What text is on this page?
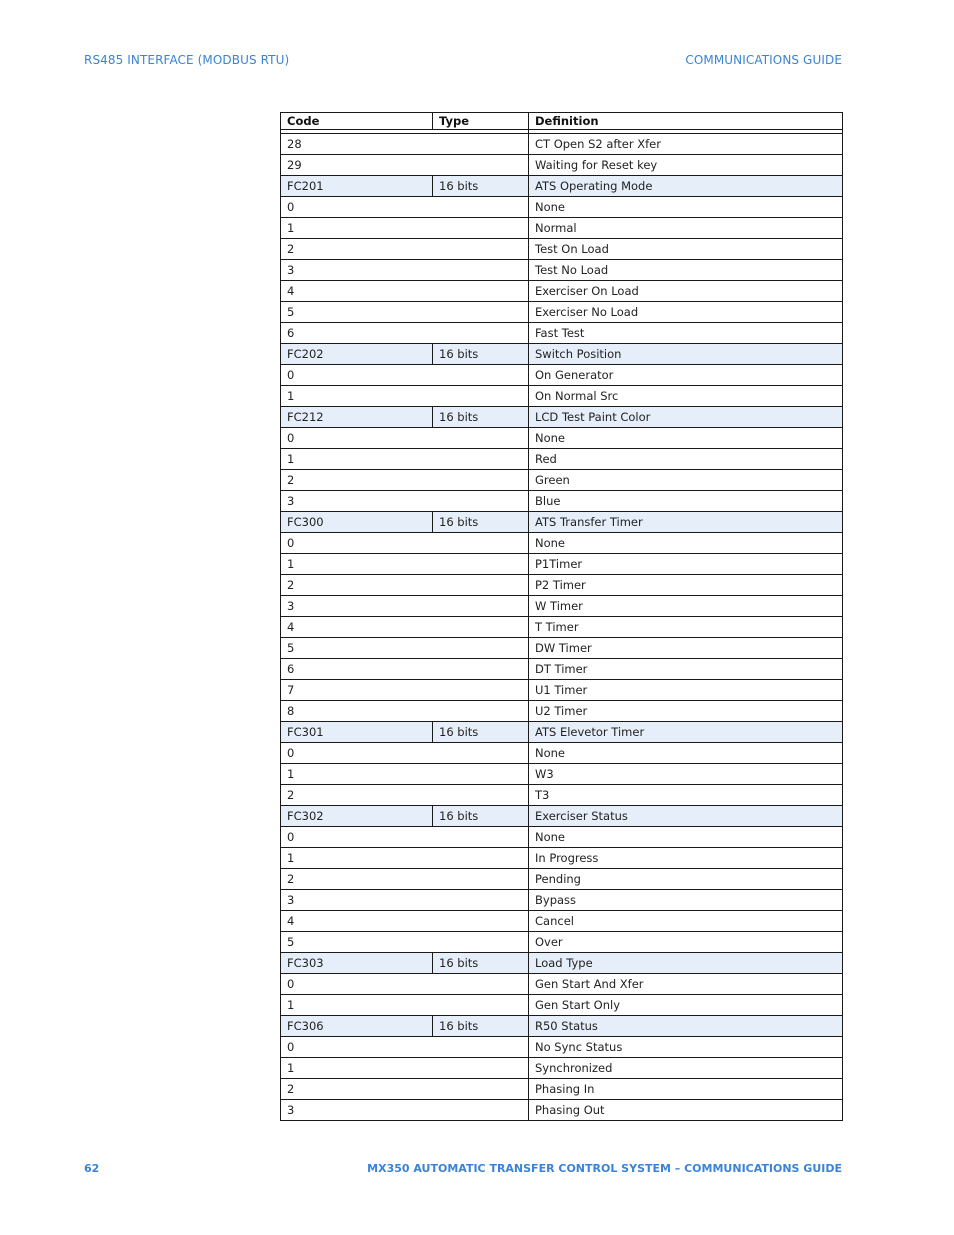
RS485 INTERFACE (MODBUS RTU)	COMMUNICATIONS GUIDE
Code	Type	Definition

28		CT Open S2 after Xfer
29		Waiting for Reset key
FC201	16 bits	ATS Operating Mode
0		None
1		Normal
2		Test On Load
3		Test No Load
4		Exerciser On Load
5		Exerciser No Load
6		Fast Test
FC202	16 bits	Switch Position
0		On Generator
1		On Normal Src
FC212	16 bits	LCD Test Paint Color
0		None
1		Red
2		Green
3		Blue
FC300	16 bits	ATS Transfer Timer
0		None
1		P1Timer
2		P2 Timer
3		W Timer
4		T Timer
5		DW Timer
6		DT Timer
7		U1 Timer
8		U2 Timer
FC301	16 bits	ATS Elevetor Timer
0		None
1		W3
2		T3
FC302	16 bits	Exerciser Status
0		None
1		In Progress
2		Pending
3		Bypass
4		Cancel
5		Over
FC303	16 bits	Load Type
0		Gen Start And Xfer
1		Gen Start Only
FC306	16 bits	R50 Status
0		No Sync Status
1		Synchronized
2		Phasing In
3		Phasing Out
62	MX350 AUTOMATIC TRANSFER CONTROL SYSTEM – COMMUNICATIONS GUIDE
